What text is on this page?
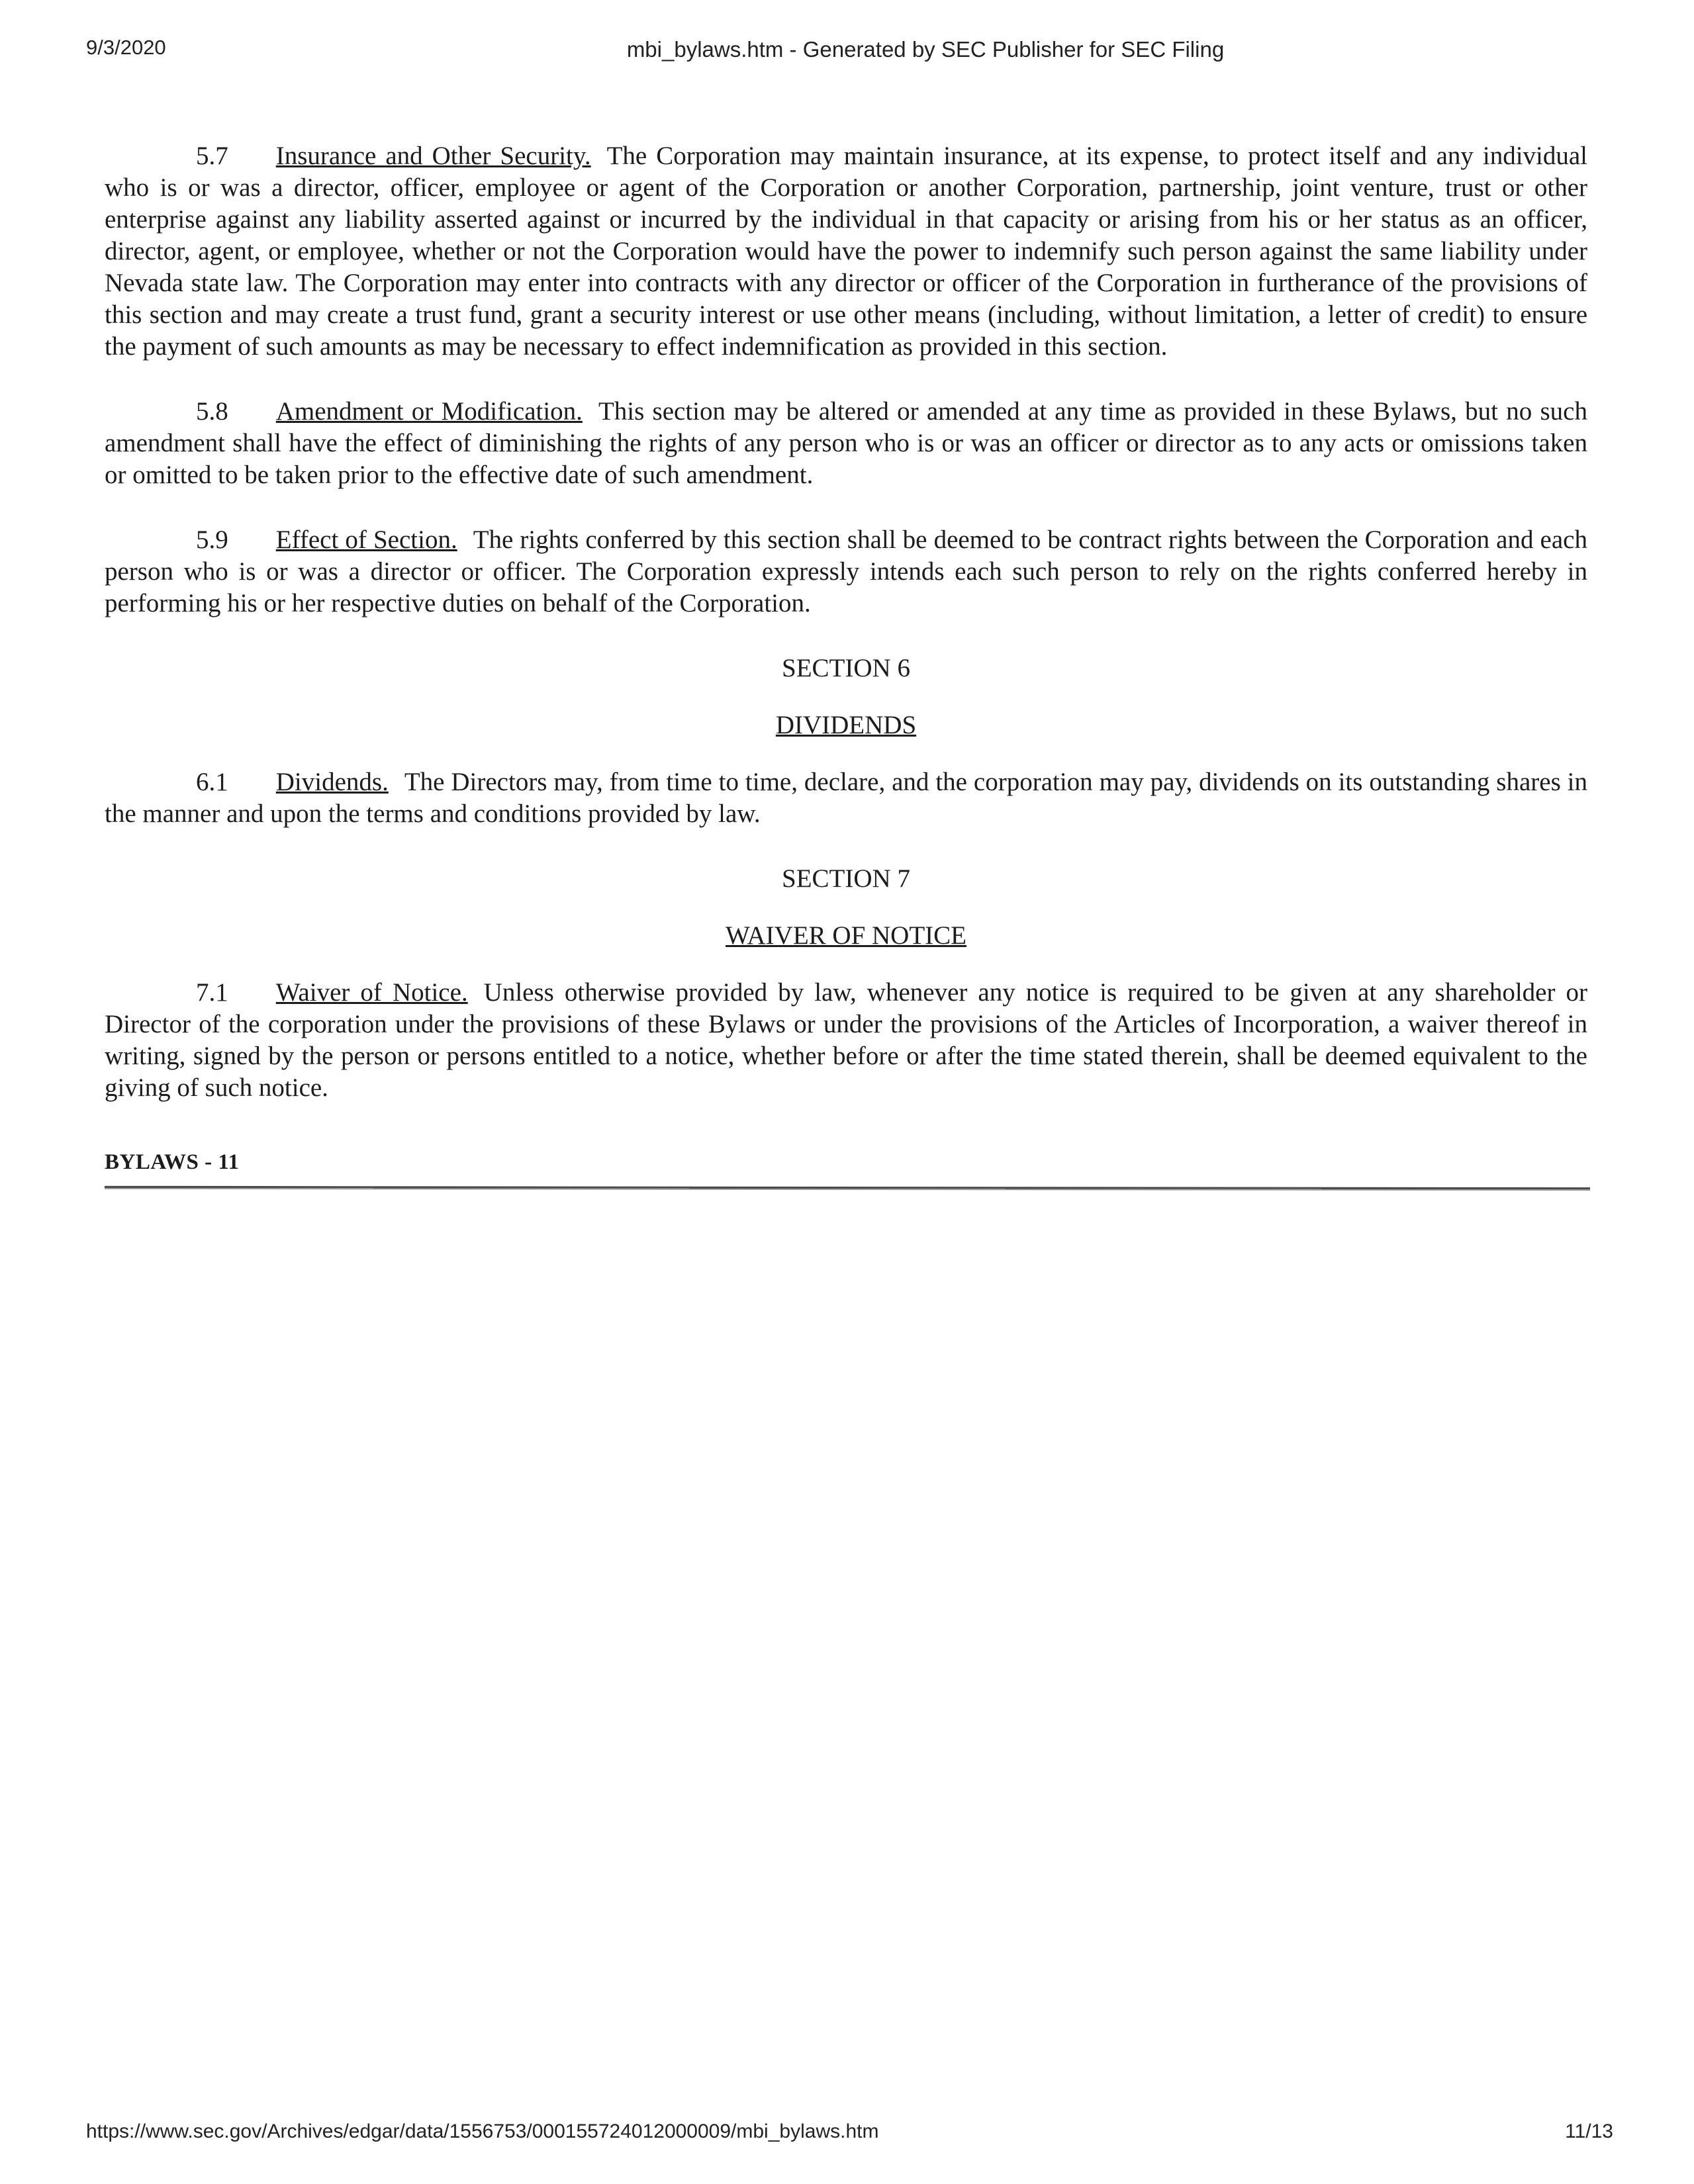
9/3/2020	mbi_bylaws.htm - Generated by SEC Publisher for SEC Filing

5.7 Insurance and Other Security. The Corporation may maintain insurance, at its expense, to protect itself and any individual who is or was a director, officer, employee or agent of the Corporation or another Corporation, partnership, joint venture, trust or other enterprise against any liability asserted against or incurred by the individual in that capacity or arising from his or her status as an officer, director, agent, or employee, whether or not the Corporation would have the power to indemnify such person against the same liability under Nevada state law. The Corporation may enter into contracts with any director or officer of the Corporation in furtherance of the provisions of this section and may create a trust fund, grant a security interest or use other means (including, without limitation, a letter of credit) to ensure the payment of such amounts as may be necessary to effect indemnification as provided in this section.

5.8 Amendment or Modification. This section may be altered or amended at any time as provided in these Bylaws, but no such amendment shall have the effect of diminishing the rights of any person who is or was an officer or director as to any acts or omissions taken or omitted to be taken prior to the effective date of such amendment.

5.9 Effect of Section. The rights conferred by this section shall be deemed to be contract rights between the Corporation and each person who is or was a director or officer. The Corporation expressly intends each such person to rely on the rights conferred hereby in performing his or her respective duties on behalf of the Corporation.

SECTION 6

DIVIDENDS

6.1 Dividends. The Directors may, from time to time, declare, and the corporation may pay, dividends on its outstanding shares in the manner and upon the terms and conditions provided by law.

SECTION 7

WAIVER OF NOTICE

7.1 Waiver of Notice. Unless otherwise provided by law, whenever any notice is required to be given at any shareholder or Director of the corporation under the provisions of these Bylaws or under the provisions of the Articles of Incorporation, a waiver thereof in writing, signed by the person or persons entitled to a notice, whether before or after the time stated therein, shall be deemed equivalent to the giving of such notice.

BYLAWS - 11
https://www.sec.gov/Archives/edgar/data/1556753/000155724012000009/mbi_bylaws.htm	11/13
